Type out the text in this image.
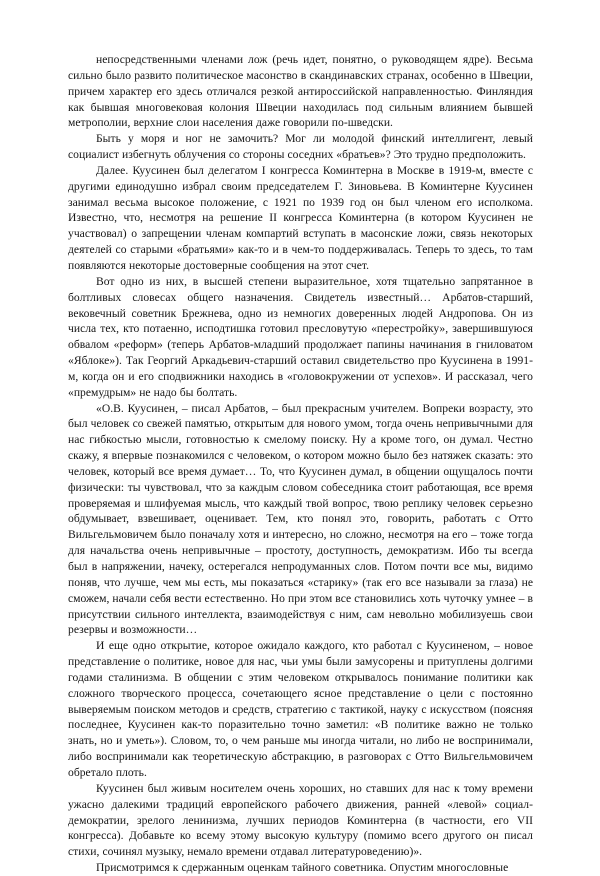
непосредственными членами лож (речь идет, понятно, о руководящем ядре). Весьма сильно было развито политическое масонство в скандинавских странах, особенно в Швеции, причем характер его здесь отличался резкой антироссийской направленностью. Финляндия как бывшая многовековая колония Швеции находилась под сильным влиянием бывшей метрополии, верхние слои населения даже говорили по-шведски.

Быть у моря и ног не замочить? Мог ли молодой финский интеллигент, левый социалист избегнуть облучения со стороны соседних «братьев»? Это трудно предположить.

Далее. Куусинен был делегатом I конгресса Коминтерна в Москве в 1919-м, вместе с другими единодушно избрал своим председателем Г. Зиновьева. В Коминтерне Куусинен занимал весьма высокое положение, с 1921 по 1939 год он был членом его исполкома. Известно, что, несмотря на решение II конгресса Коминтерна (в котором Куусинен не участвовал) о запрещении членам компартий вступать в масонские ложи, связь некоторых деятелей со старыми «братьями» как-то и в чем-то поддерживалась. Теперь то здесь, то там появляются некоторые достоверные сообщения на этот счет.

Вот одно из них, в высшей степени выразительное, хотя тщательно запрятанное в болтливых словесах общего назначения. Свидетель известный… Арбатов-старший, вековечный советник Брежнева, одно из немногих доверенных людей Андропова. Он из числа тех, кто потаенно, исподтишка готовил пресловутую «перестройку», завершившуюся обвалом «реформ» (теперь Арбатов-младший продолжает папины начинания в гниловатом «Яблоке»). Так Георгий Аркадьевич-старший оставил свидетельство про Куусинена в 1991-м, когда он и его сподвижники находись в «головокружении от успехов». И рассказал, чего «премудрым» не надо бы болтать.

«О.В. Куусинен, – писал Арбатов, – был прекрасным учителем. Вопреки возрасту, это был человек со свежей памятью, открытым для нового умом, тогда очень непривычными для нас гибкостью мысли, готовностью к смелому поиску. Ну а кроме того, он думал. Честно скажу, я впервые познакомился с человеком, о котором можно было без натяжек сказать: это человек, который все время думает… То, что Куусинен думал, в общении ощущалось почти физически: ты чувствовал, что за каждым словом собеседника стоит работающая, все время проверяемая и шлифуемая мысль, что каждый твой вопрос, твою реплику человек серьезно обдумывает, взвешивает, оценивает. Тем, кто понял это, говорить, работать с Отто Вильгельмовичем было поначалу хотя и интересно, но сложно, несмотря на его – тоже тогда для начальства очень непривычные – простоту, доступность, демократизм. Ибо ты всегда был в напряжении, начеку, остерегался непродуманных слов. Потом почти все мы, видимо поняв, что лучше, чем мы есть, мы показаться «старику» (так его все называли за глаза) не сможем, начали себя вести естественно. Но при этом все становились хоть чуточку умнее – в присутствии сильного интеллекта, взаимодействуя с ним, сам невольно мобилизуешь свои резервы и возможности…

И еще одно открытие, которое ожидало каждого, кто работал с Куусиненом, – новое представление о политике, новое для нас, чьи умы были замусорены и притуплены долгими годами сталинизма. В общении с этим человеком открывалось понимание политики как сложного творческого процесса, сочетающего ясное представление о цели с постоянно выверяемым поиском методов и средств, стратегию с тактикой, науку с искусством (поясняя последнее, Куусинен как-то поразительно точно заметил: «В политике важно не только знать, но и уметь»). Словом, то, о чем раньше мы иногда читали, но либо не воспринимали, либо воспринимали как теоретическую абстракцию, в разговорах с Отто Вильгельмовичем обретало плоть.

Куусинен был живым носителем очень хороших, но ставших для нас к тому времени ужасно далекими традиций европейского рабочего движения, ранней «левой» социал-демократии, зрелого ленинизма, лучших периодов Коминтерна (в частности, его VII конгресса). Добавьте ко всему этому высокую культуру (помимо всего другого он писал стихи, сочинял музыку, немало времени отдавал литературоведению)».

Присмотримся к сдержанным оценкам тайного советника. Опустим многословные
